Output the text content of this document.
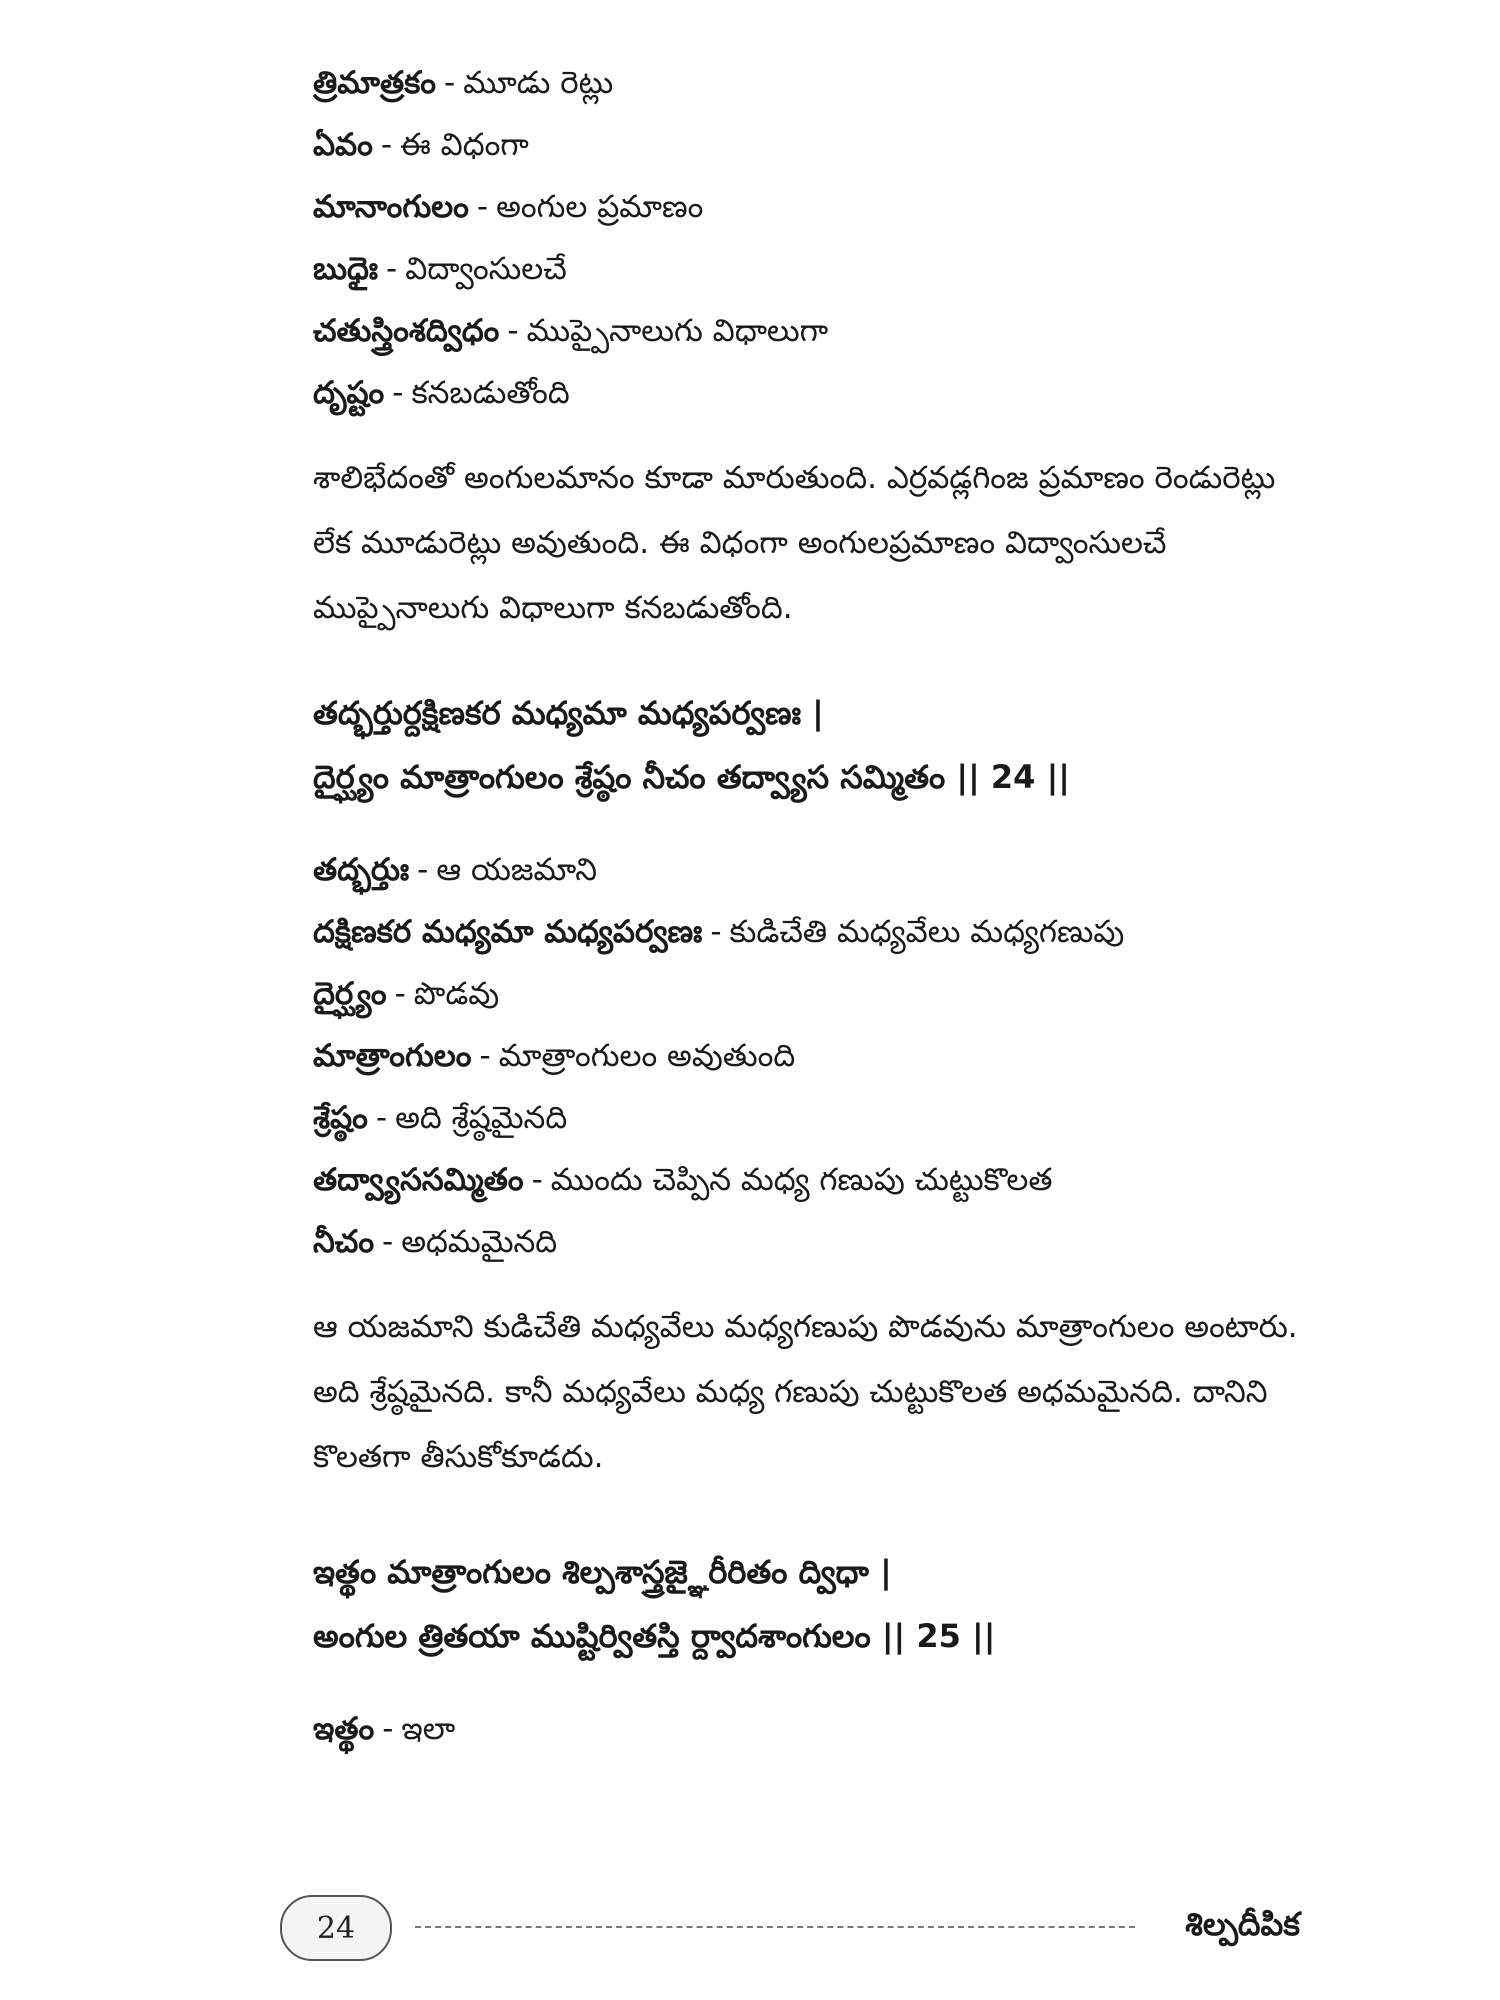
త్రిమాత్రకం - మూడు రెట్లు

ఏవం - ఈ విధంగా

మానాంగులం - అంగుల ప్రమాణం

బుధైః - విద్వాంసులచే

చతుస్త్రింశద్విధం - ముప్పైనాలుగు విధాలుగా

దృష్టం - కనబడుతోంది

శాలిభేదంతో అంగులమానం కూడా మారుతుంది. ఎర్రవడ్లగింజ ప్రమాణం రెండురెట్లు లేక మూడురెట్లు అవుతుంది. ఈ విధంగా అంగులప్రమాణం విద్వాంసులచే ముప్పైనాలుగు విధాలుగా కనబడుతోంది.

తద్భర్తుర్దక్షిణకర మధ్యమా మధ్యపర్వణః |

దైర్ఘ్యం మాత్రాంగులం శ్రేష్ఠం నీచం తద్వ్యాస సమ్మితం || 24 ||

తద్భర్తుః - ఆ యజమాని

దక్షిణకర మధ్యమా మధ్యపర్వణః - కుడిచేతి మధ్యవేలు మధ్యగణుపు

దైర్ఘ్యం - పొడవు

మాత్రాంగులం - మాత్రాంగులం అవుతుంది

శ్రేష్ఠం - అది శ్రేష్ఠమైనది

తద్వ్యాససమ్మితం - ముందు చెప్పిన మధ్య గణుపు చుట్టుకొలత

నీచం - అధమమైనది

ఆ యజమాని కుడిచేతి మధ్యవేలు మధ్యగణుపు పొడవును మాత్రాంగులం అంటారు. అది శ్రేష్ఠమైనది. కానీ మధ్యవేలు మధ్య గణుపు చుట్టుకొలత అధమమైనది. దానిని కొలతగా తీసుకోకూడదు.

ఇత్థం మాత్రాంగులం శిల్పశాస్త్రజ్ఞైరీరితం ద్విధా |

అంగుల త్రితయా ముష్టిర్వితస్తి ర్ద్వాదశాంగులం || 25 ||

ఇత్థం - ఇలా

24	శిల్పదీపిక
